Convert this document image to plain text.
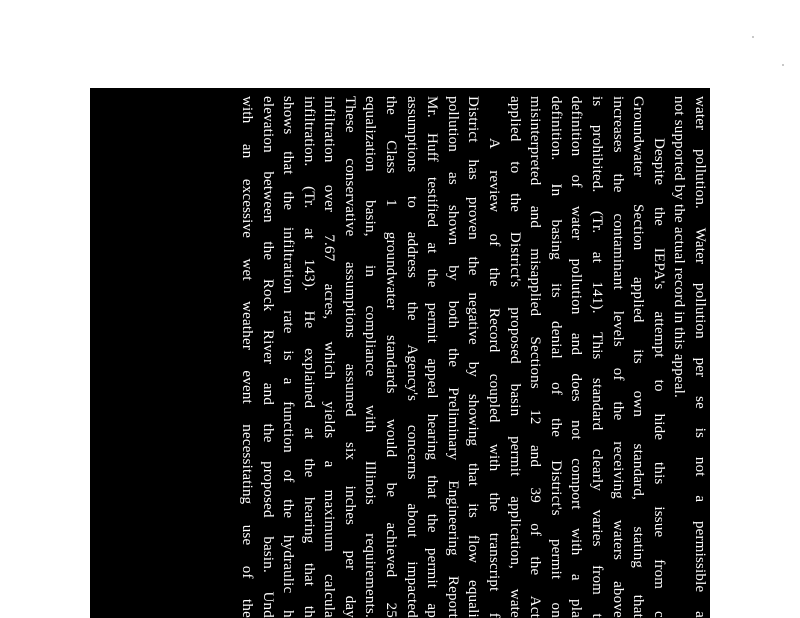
water
pollution.
Water
pollution
per
se
is
not
a
permissible
a
not supported by the actual record in this appeal.
Despite
the
IEPA's
attempt
to
hide
this
issue
from
c
Groundwater
Section
applied
its
own
standard,
stating
that
increases
the
contaminant
levels
of
the
receiving
waters
above
is
prohibited.
(Tr.
at
141).
This
standard
clearly
varies
from
t
definition
of
water
pollution
and
does
not
comport
with
a
pla
definition.
In
basing
its
denial
of
the
District's
permit
on
misinterpreted
and
misapplied
Sections
12
and
39
of
the
Act
applied
to
the
District's
proposed
basin
permit
application,
wate
A
review
of
the
Record
coupled
with
the
transcript
f
District
has
proven
the
negative
by
showing
that
its
flow
equali
pollution
as
shown
by
both
the
Preliminary
Engineering
Report
Mr.
Huff
testified
at
the
permit
appeal
hearing
that
the
permit
ap
assumptions
to
address
the
Agency's
concerns
about
impacted
the
Class
1
groundwater
standards
would
be
achieved
25
equalization
basin,
in
compliance
with
Illinois
requirements.
These
conservative
assumptions
assumed
six
inches
per
day
infiltration
over
7.67
acres,
which
yields
a
maximum
calcula
infiltration.
(Tr.
at
143).
He
explained
at
the
hearing
that
th
shows
that
the
infiltration
rate
is
a
function
of
the
hydraulic
h
elevation
between
the
Rock
River
and
the
proposed
basin.
Und
with
an
excessive
wet
weather
event
necessitating
use
of
the
